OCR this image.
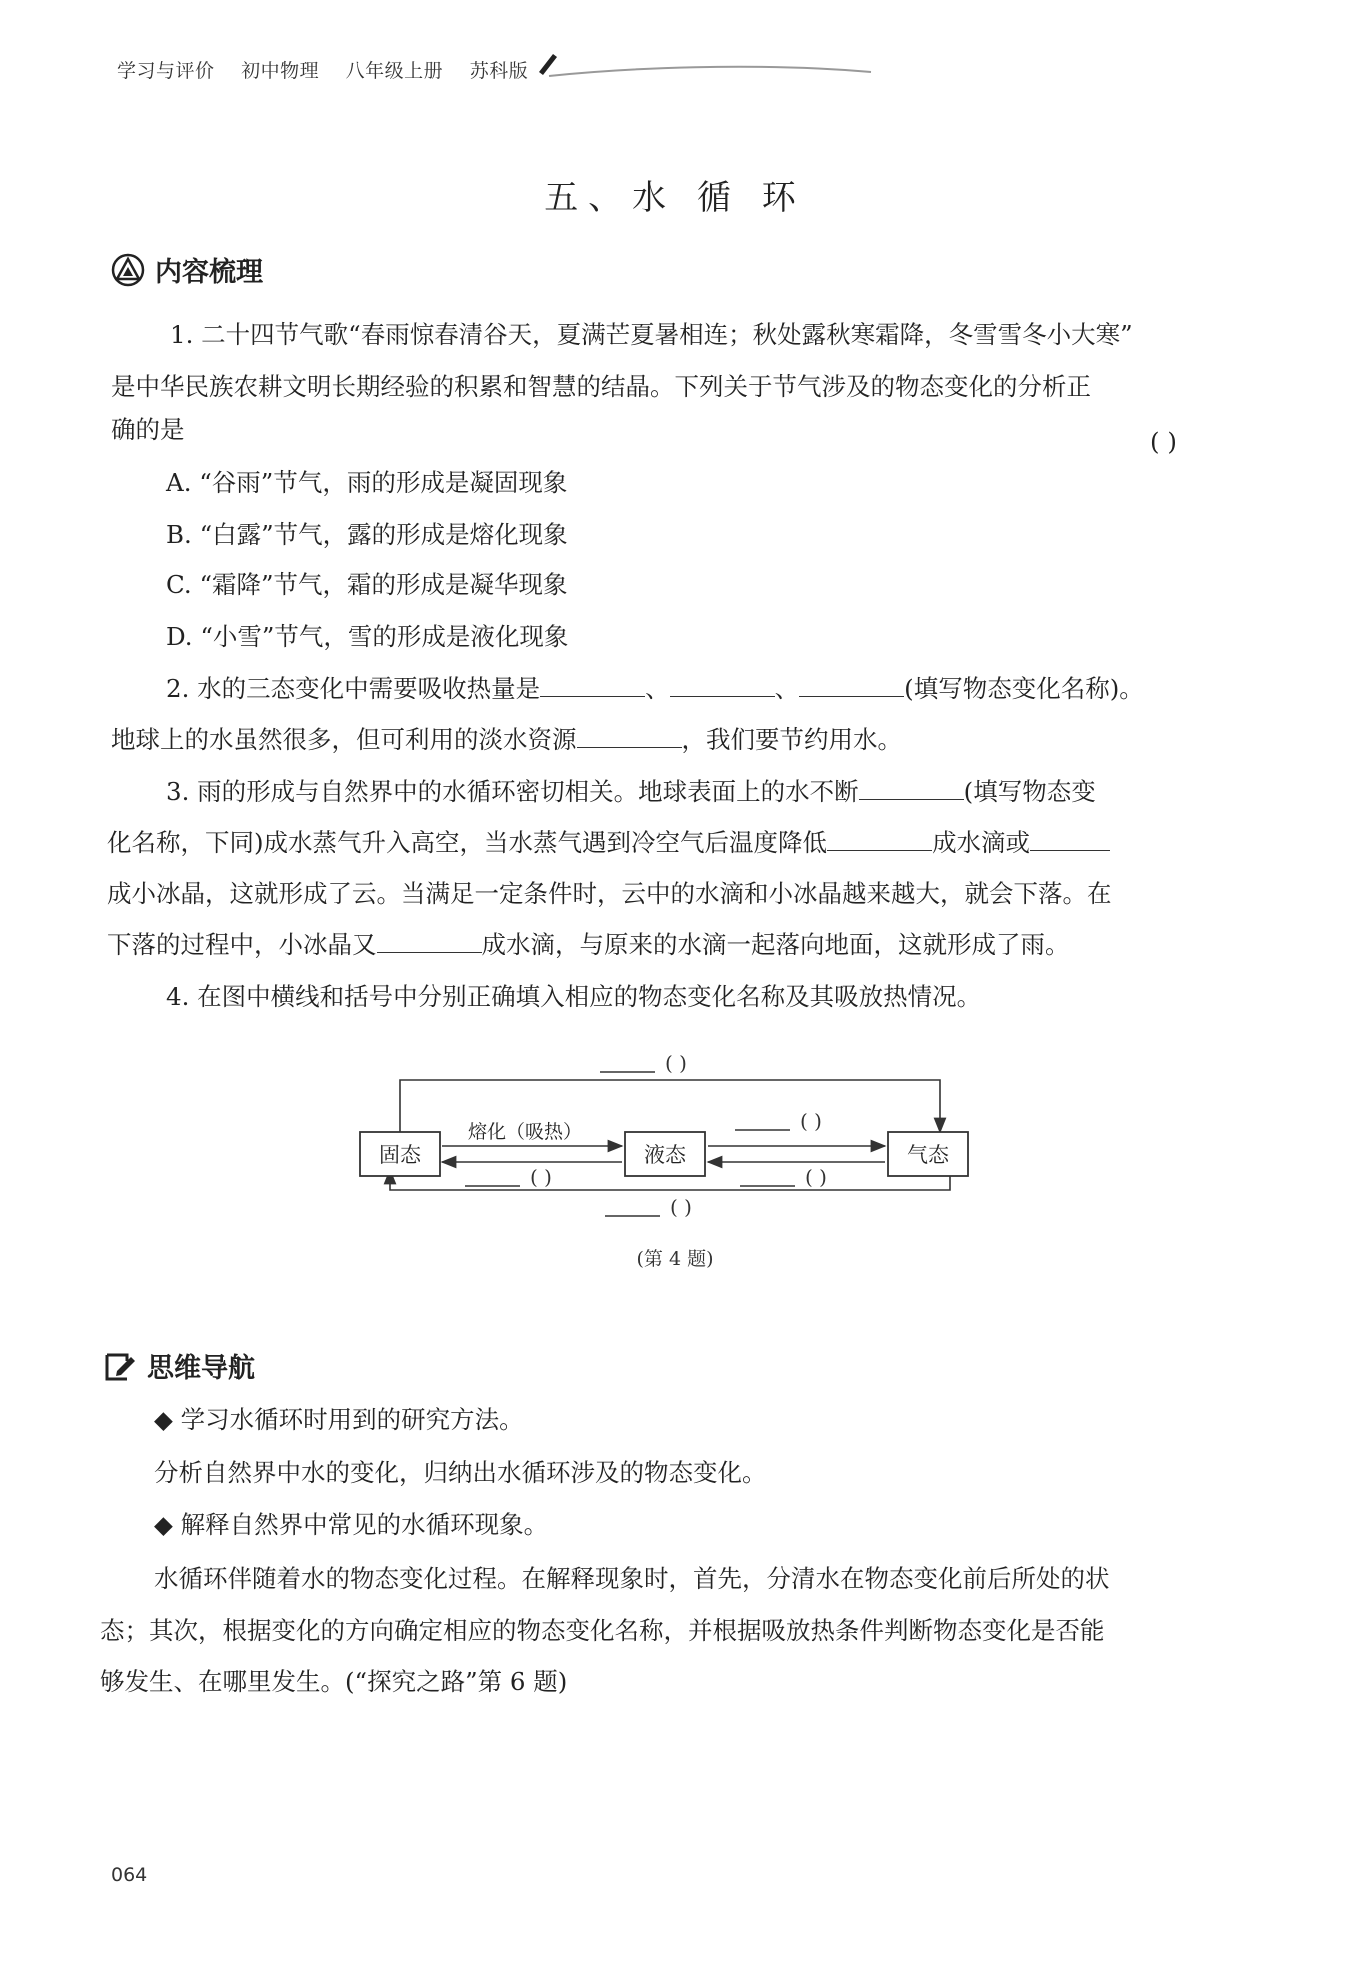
学习与评价 初中物理 八年级上册 苏科版
五、水 循 环
内容梳理
1. 二十四节气歌“春雨惊春清谷天，夏满芒夏暑相连；秋处露秋寒霜降，冬雪雪冬小大寒”
是中华民族农耕文明长期经验的积累和智慧的结晶。下列关于节气涉及的物态变化的分析正
确的是	( )
A. “谷雨”节气，雨的形成是凝固现象
B. “白露”节气，露的形成是熔化现象
C. “霜降”节气，霜的形成是凝华现象
D. “小雪”节气，雪的形成是液化现象
2. 水的三态变化中需要吸收热量是	、	、	(填写物态变化名称)。
地球上的水虽然很多，但可利用的淡水资源	，我们要节约用水。
3. 雨的形成与自然界中的水循环密切相关。地球表面上的水不断	(填写物态变
化名称，下同)成水蒸气升入高空，当水蒸气遇到冷空气后温度降低	成水滴或
成小冰晶，这就形成了云。当满足一定条件时，云中的水滴和小冰晶越来越大，就会下落。在
下落的过程中，小冰晶又	成水滴，与原来的水滴一起落向地面，这就形成了雨。
4. 在图中横线和括号中分别正确填入相应的物态变化名称及其吸放热情况。
( )
( )
固态	液态	气态
熔化（吸热）
( )
( )
( )
(第 4 题)
思维导航
◆ 学习水循环时用到的研究方法。
分析自然界中水的变化，归纳出水循环涉及的物态变化。
◆ 解释自然界中常见的水循环现象。
水循环伴随着水的物态变化过程。在解释现象时，首先，分清水在物态变化前后所处的状
态；其次，根据变化的方向确定相应的物态变化名称，并根据吸放热条件判断物态变化是否能
够发生、在哪里发生。(“探究之路”第 6 题)
064
